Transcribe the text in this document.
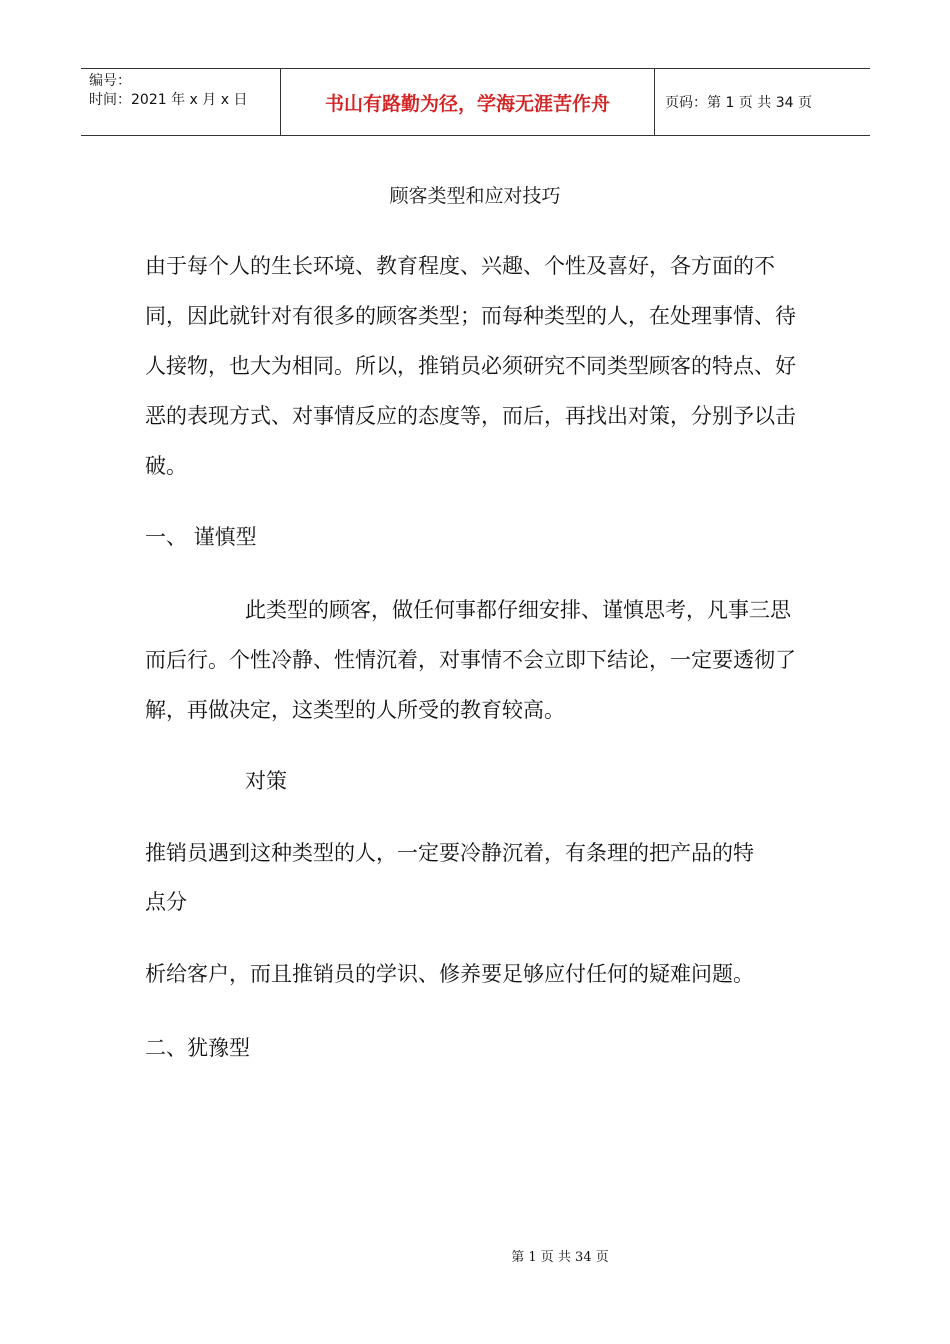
编号：
时间：2021 年 x 月 x 日	书山有路勤为径，学海无涯苦作舟	页码：第 1 页 共 34 页
顾客类型和应对技巧

由于每个人的生长环境、教育程度、兴趣、个性及喜好，各方面的不同，因此就针对有很多的顾客类型；而每种类型的人，在处理事情、待人接物，也大为相同。所以，推销员必须研究不同类型顾客的特点、好恶的表现方式、对事情反应的态度等，而后，再找出对策，分别予以击破。

一、 谨慎型

此类型的顾客，做任何事都仔细安排、谨慎思考，凡事三思而后行。个性冷静、性情沉着，对事情不会立即下结论，一定要透彻了解，再做决定，这类型的人所受的教育较高。

对策

推销员遇到这种类型的人，一定要冷静沉着，有条理的把产品的特

点分

析给客户，而且推销员的学识、修养要足够应付任何的疑难问题。

二、犹豫型

第 1 页 共 34 页
